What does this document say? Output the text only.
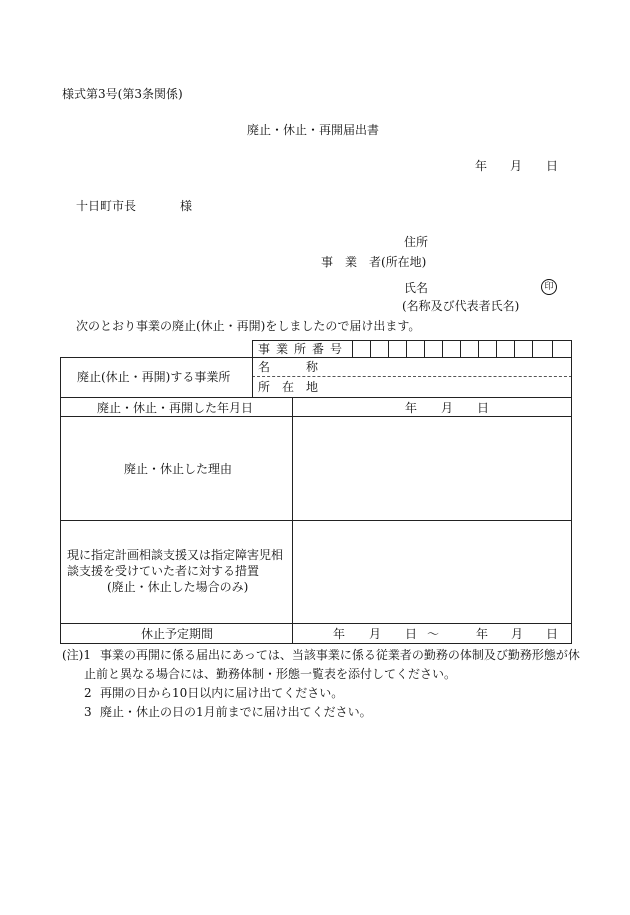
様式第3号(第3条関係)
廃止・休止・再開届出書
年 月 日
十日町市長	様
住所
事　業　者(所在地)
氏名	印
(名称及び代表者氏名)
次のとおり事業の廃止(休止・再開)をしましたので届け出ます。
事業所番号
廃止(休止・再開)する事業所
名　　　称
所　在　地
廃止・休止・再開した年月日	年 月 日
廃止・休止した理由
現に指定計画相談支援又は指定障害児相
談支援を受けていた者に対する措置
(廃止・休止した場合のみ)
休止予定期間	年 月 日 ～	年 月 日
(注)1 事業の再開に係る届出にあっては、当該事業に係る従業者の勤務の体制及び勤務形態が休
止前と異なる場合には、勤務体制・形態一覧表を添付してください。
2 再開の日から10日以内に届け出てください。
3 廃止・休止の日の1月前までに届け出てください。
